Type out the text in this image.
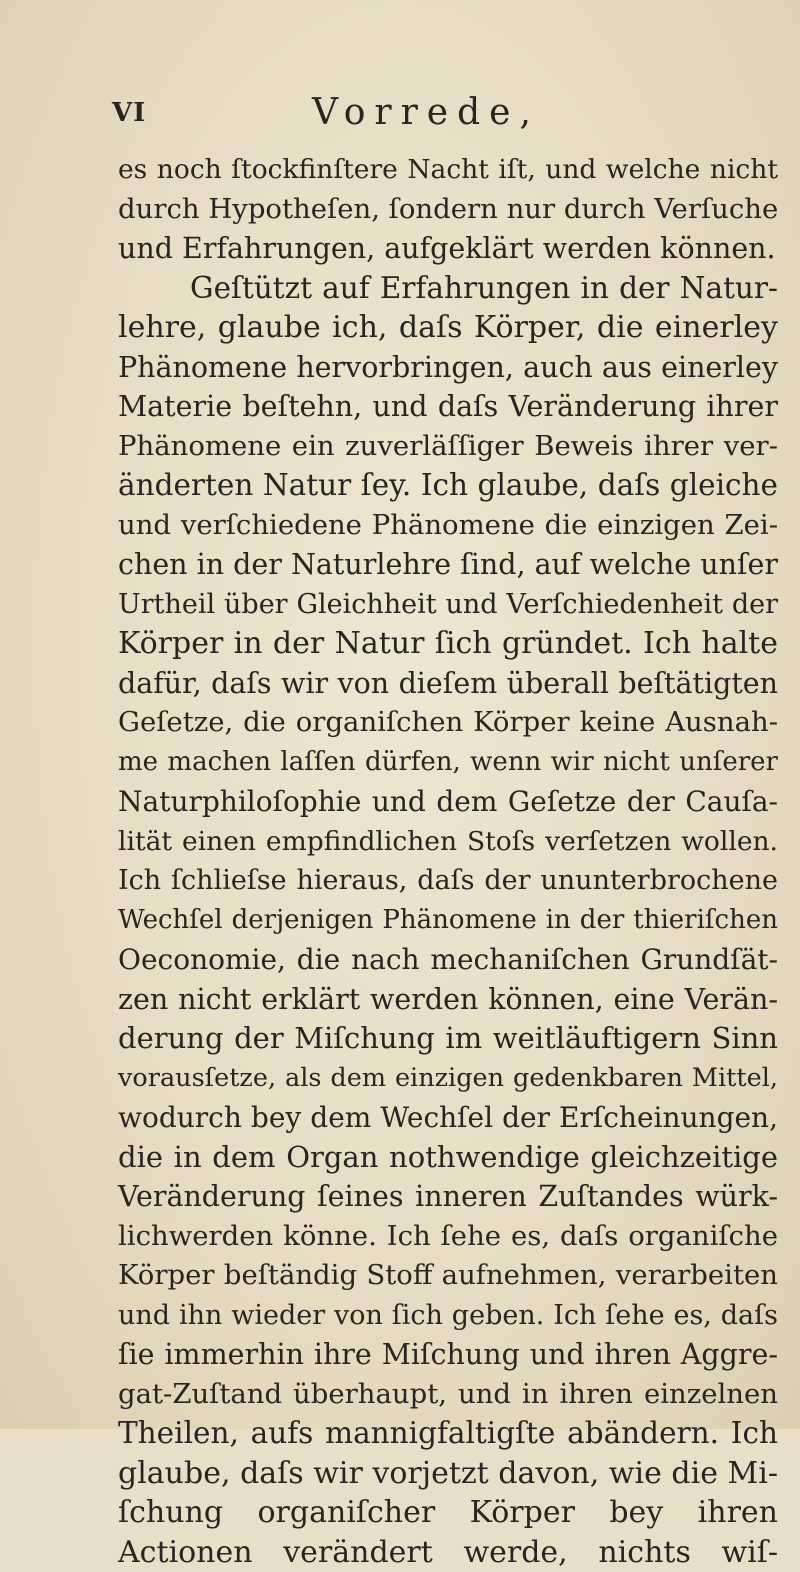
VI	Vorrede,
es noch ſtockfinſtere Nacht iſt, und welche nicht
durch Hypotheſen, ſondern nur durch Verſuche
und Erfahrungen, aufgeklärt werden können.
Geſtützt auf Erfahrungen in der Natur-
lehre, glaube ich, daſs Körper, die einerley
Phänomene hervorbringen, auch aus einerley
Materie beſtehn, und daſs Veränderung ihrer
Phänomene ein zuverläſſiger Beweis ihrer ver-
änderten Natur ſey. Ich glaube, daſs gleiche
und verſchiedene Phänomene die einzigen Zei-
chen in der Naturlehre ſind, auf welche unſer
Urtheil über Gleichheit und Verſchiedenheit der
Körper in der Natur ſich gründet. Ich halte
dafür, daſs wir von dieſem überall beſtätigten
Geſetze, die organiſchen Körper keine Ausnah-
me machen laſſen dürfen, wenn wir nicht unſerer
Naturphiloſophie und dem Geſetze der Cauſa-
lität einen empfindlichen Stoſs verſetzen wollen.
Ich ſchlieſse hieraus, daſs der ununterbrochene
Wechſel derjenigen Phänomene in der thieriſchen
Oeconomie, die nach mechaniſchen Grundſät-
zen nicht erklärt werden können, eine Verän-
derung der Miſchung im weitläuftigern Sinn
vorausſetze, als dem einzigen gedenkbaren Mittel,
wodurch bey dem Wechſel der Erſcheinungen,
die in dem Organ nothwendige gleichzeitige
Veränderung ſeines inneren Zuſtandes würk-
lichwerden könne. Ich ſehe es, daſs organiſche
Körper beſtändig Stoff aufnehmen, verarbeiten
und ihn wieder von ſich geben. Ich ſehe es, daſs
ſie immerhin ihre Miſchung und ihren Aggre-
gat-Zuſtand überhaupt, und in ihren einzelnen
Theilen, aufs mannigfaltigſte abändern. Ich
glaube, daſs wir vorjetzt davon, wie die Mi-
ſchung organiſcher Körper bey ihren
Actionen verändert werde, nichts wiſ-
